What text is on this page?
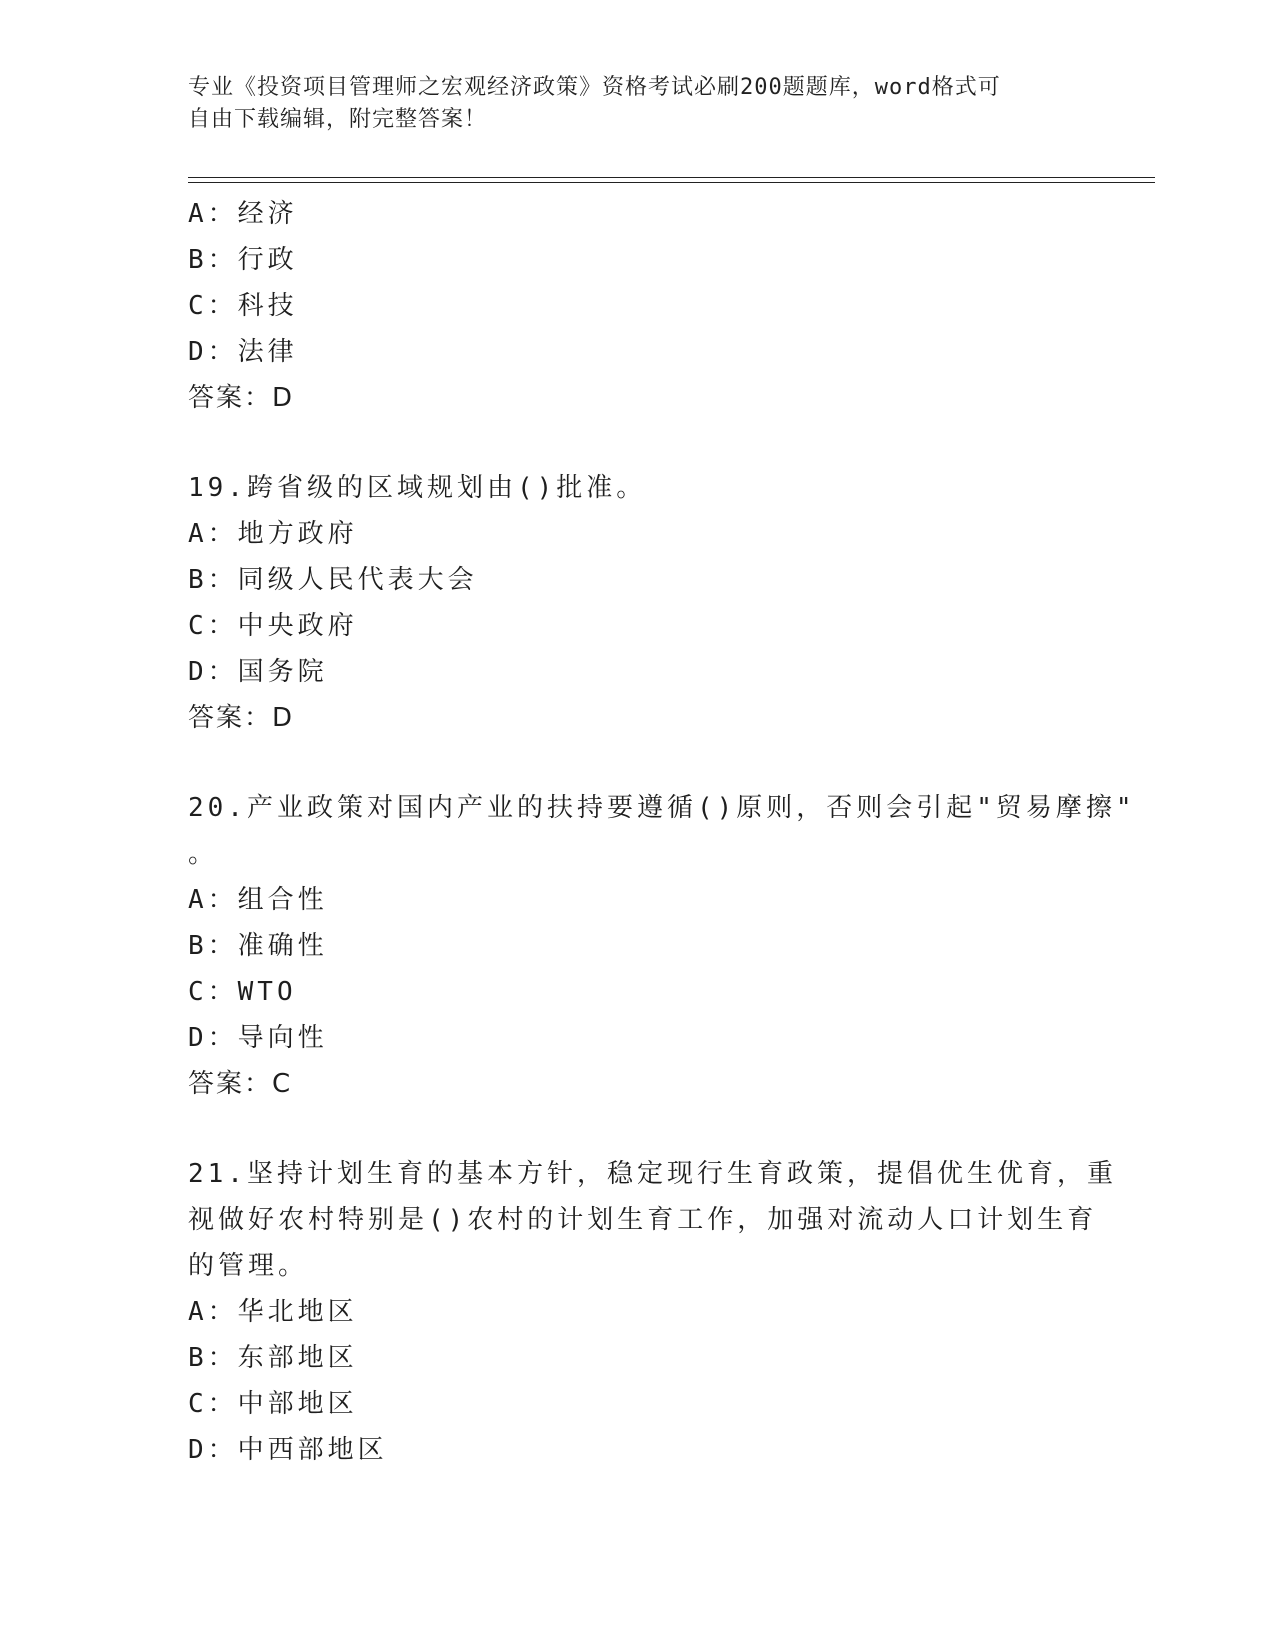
专业《投资项目管理师之宏观经济政策》资格考试必刷200题题库，word格式可
自由下载编辑，附完整答案！
A：经济
B：行政
C：科技
D：法律
答案：D
19.跨省级的区域规划由()批准。
A：地方政府
B：同级人民代表大会
C：中央政府
D：国务院
答案：D
20.产业政策对国内产业的扶持要遵循()原则，否则会引起"贸易摩擦"
。
A：组合性
B：准确性
C：WTO
D：导向性
答案：C
21.坚持计划生育的基本方针，稳定现行生育政策，提倡优生优育，重
视做好农村特别是()农村的计划生育工作，加强对流动人口计划生育
的管理。
A：华北地区
B：东部地区
C：中部地区
D：中西部地区
